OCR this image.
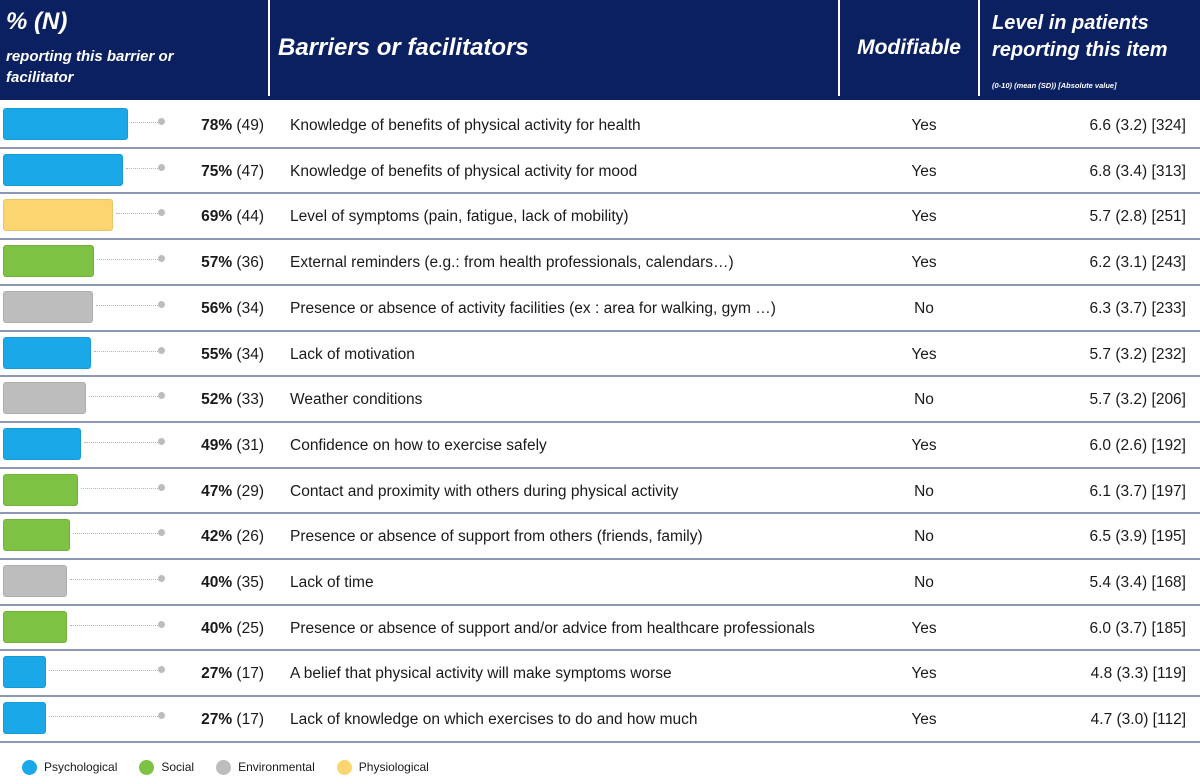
% (N)
reporting this barrier or facilitator
Barriers or facilitators	Modifiable
Level in patients reporting this item
(0-10) (mean (SD)) [Absolute value]
78% (49) Knowledge of benefits of physical activity for health	Yes	6.6 (3.2) [324]
75% (47) Knowledge of benefits of physical activity for mood	Yes	6.8 (3.4) [313]
69% (44) Level of symptoms (pain, fatigue, lack of mobility)	Yes	5.7 (2.8) [251]
57% (36) External reminders (e.g.: from health professionals, calendars…)	Yes	6.2 (3.1) [243]
56% (34) Presence or absence of activity facilities (ex : area for walking, gym …)	No	6.3 (3.7) [233]
55% (34) Lack of motivation	Yes	5.7 (3.2) [232]
52% (33) Weather conditions	No	5.7 (3.2) [206]
49% (31) Confidence on how to exercise safely	Yes	6.0 (2.6) [192]
47% (29) Contact and proximity with others during physical activity	No	6.1 (3.7) [197]
42% (26) Presence or absence of support from others (friends, family)	No	6.5 (3.9) [195]
40% (35) Lack of time	No	5.4 (3.4) [168]
40% (25) Presence or absence of support and/or advice from healthcare professionals	Yes	6.0 (3.7) [185]
27% (17) A belief that physical activity will make symptoms worse	Yes	4.8 (3.3) [119]
27% (17) Lack of knowledge on which exercises to do and how much	Yes	4.7 (3.0) [112]
Psychological	Social	Environmental	Physiological
